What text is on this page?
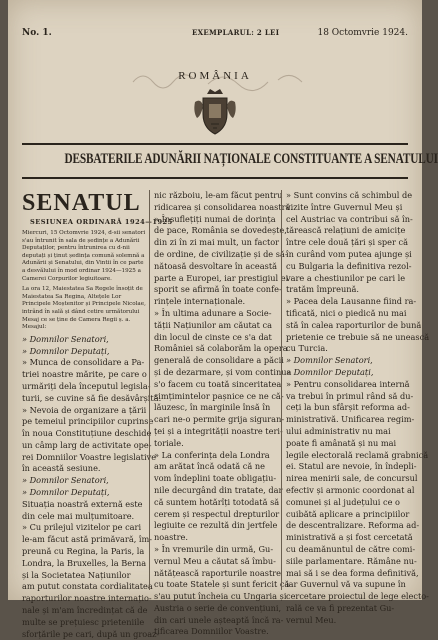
No. 1.	EXEMPLARUL: 2 LEI	18 Octomvrie 1924.
ROMÂNIA
DESBATERILE ADUNĂRII NAȚIONALE CONSTITUANTE A SENATULUI
SENATUL
SESIUNEA ORDINARĂ 1924—1925
Miercuri, 15 Octomvrie 1924, d-sii senatori s'au întrunit în sala de ședințe a Adunării Deputaților, pentru întrunirea cu d-nii deputați și ținut ședința comună solemnă a Adunării și Senatului, din Vintii în ce parte a desvălului în mod ordinar 1924—1925 a Camerei Corpurilor legiuitoare.
La ora 12, Maiestatea Sa Regele însoțit de Maiestatea Sa Regina, Altețele Lor Principele Moștenitor și Principele Nicolae, intrând în sală și dând cetire următorului Mesaj ce se ține de Camera Regii ș. a. Mesajul:
» Domnilor Senatori,
» Domnilor Deputați,
» Munca de consolidare a Pa-
triei noastre mărite, pe care o
urmăriți dela începutul legisla-
turii, se cuvine să fie desăvârșită.
» Nevoia de organizare a țării
pe temeiul principiilor cuprinse
în noua Constituțiune deschide
un câmp larg de activitate ope-
rei Domniilor Voastre legislative
în această sesiune.
» Domnilor Senatori,
» Domnilor Deputați,
Situația noastră externă este
din cele mai mulțumitoare.
» Cu prilejul vizitelor pe cari
le-am făcut astă primăvară, îm-
preună cu Regina, la Paris, la
Londra, la Bruxelles, la Berna
și la Societatea Națiunilor
am putut constata cordialitatea
raporturilor noastre internațio-
nale și m'am încredințat că de
multe se prețuiesc prieteniile
sforțările pe cari, după un groaz-
nic războiu, le-am făcut pentru
ridicarea și consolidarea noastră.
» Însuflețiți numai de dorința
de pace, România se dovedește,
din zi în zi mai mult, un factor
de ordine, de civilizație și de să-
nătoasă desvoltare în această
parte a Europei, iar prestigiul ei
sporit se afirmă în toate confe-
rințele internaționale.
» În ultima adunare a Socie-
tății Națiunilor am căutat ca
din locul de cinste ce s'a dat
României să colaborăm la opera
generală de consolidare a păcii
și de dezarmare, și vom continua
s'o facem cu toată sinceritatea
simțimintelor pașnice ce ne că-
lăuzesc, în marginile însă în
cari ne-o permite grija siguran-
ței și a integrității noastre teri-
toriale.
» La conferința dela Londra
am arătat încă odată că ne
vom îndeplini toate obligațiu-
nile decurgând din tratate, dar
că suntem hotărîți totodată să
cerem și respectul drepturilor
legiuite ce rezultă din jertfele
noastre.
» În vremurile din urmă, Gu-
vernul Meu a căutat să îmbu-
nătățească raporturile noastre
cu toate Statele și sunt fericit că
s'au putut încheia cu Ungaria și
Austria o serie de convențiuni,
din cari unele așteaptă încă ra-
tificarea Domniilor Voastre.
» Sunt convins că schimbul de
vizite între Guvernul Meu și
cel Austriac va contribui să în-
tărească relațiuni de amicițe
între cele două țări și sper că
în curând vom putea ajunge și
cu Bulgaria la definitiva rezol-
vare a chestiunilor pe cari le
tratăm împreună.
» Pacea dela Lausanne fiind ra-
tificată, nici o piedică nu mai
stă în calea raporturilor de bună
prietenie ce trebuie să ne unească
cu Turcia.
» Domnilor Senatori,
» Domnilor Deputați,
» Pentru consolidarea internă
va trebui în primul rând să du-
ceți la bun sfârșit reforma ad-
ministrativă. Unificarea regim-
ului administrativ nu mai
poate fi amânată și nu mai
legile electorală reclamă grabnică
ei. Statul are nevoie, în îndepli-
nirea menirii sale, de concursul
efectiv și armonic coordonat al
comunei și al județului ce o
cuibătă aplicare a principiilor
de descentralizare. Reforma ad-
ministrativă a și fost cercetată
cu deamănuntul de către comi-
siile parlamentare. Rămâne nu-
mai să i se dea forma definitivă,
iar Guvernul vă va supune în
cercetare proiectul de lege electo-
rală ce va fi prezentat Gu-
vernul Meu.
